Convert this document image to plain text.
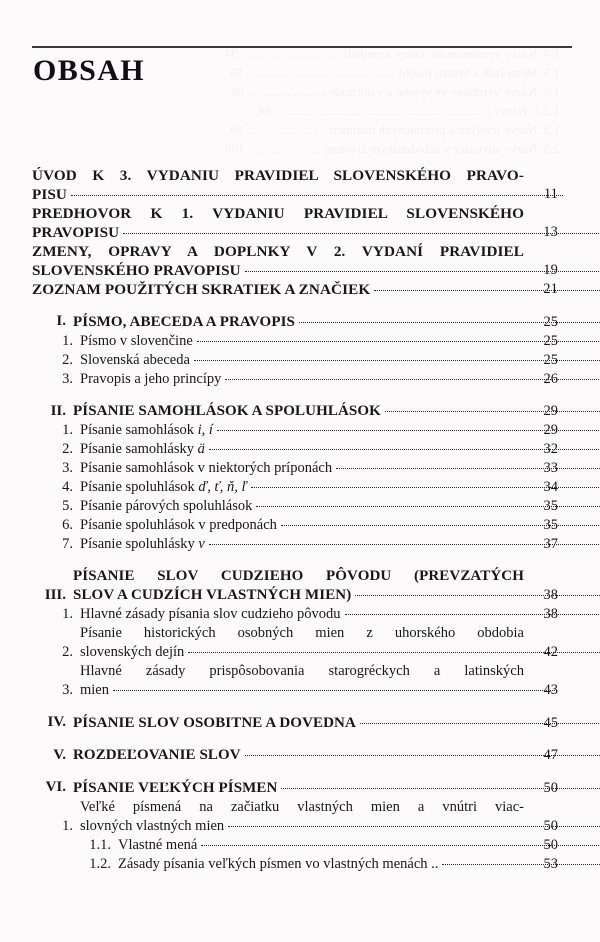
1.4. Názvy vyznamenaní, rádov a medailí .............................. 94
1.5. Mená ľudí a bytosti (osôb) ............................................. 95
1.6. Názvy výrobkov ve výrobe a v obchode ........................ 96
1.2.1. Názvy ................................................................. 98
1.3. Názvy trvalých a prechodných inštitúcií ........................ 99
2.3. Názvy súvisiace s náboženským životom ...................... 100
OBSAH
ÚVOD K 3. VYDANIU PRAVIDIEL SLOVENSKÉHO PRAVO-
PISU	11
PREDHOVOR K 1. VYDANIU PRAVIDIEL SLOVENSKÉHO
PRAVOPISU	13
ZMENY, OPRAVY A DOPLNKY V 2. VYDANÍ PRAVIDIEL
SLOVENSKÉHO PRAVOPISU	19
ZOZNAM POUŽITÝCH SKRATIEK A ZNAČIEK	21
I. PÍSMO, ABECEDA A PRAVOPIS	25
1. Písmo v slovenčine	25
2. Slovenská abeceda	25
3. Pravopis a jeho princípy	26
II. PÍSANIE SAMOHLÁSOK A SPOLUHLÁSOK	29
1. Písanie samohlások i, í	29
2. Písanie samohlásky ä	32
3. Písanie samohlások v niektorých príponách	33
4. Písanie spoluhlások ď, ť, ň, ľ	34
5. Písanie párových spoluhlások	35
6. Písanie spoluhlások v predponách	35
7. Písanie spoluhlásky v	37
III.
PÍSANIE SLOV CUDZIEHO PÔVODU (PREVZATÝCH
SLOV A CUDZÍCH VLASTNÝCH MIEN)	38
1. Hlavné zásady písania slov cudzieho pôvodu	38
2.
Písanie historických osobných mien z uhorského obdobia
slovenských dejín	42
3.
Hlavné zásady prispôsobovania starogréckych a latinských
mien	43
IV. PÍSANIE SLOV OSOBITNE A DOVEDNA	45
V. ROZDEĽOVANIE SLOV	47
VI. PÍSANIE VEĽKÝCH PÍSMEN	50
1.
Veľké písmená na začiatku vlastných mien a vnútri viac-
slovných vlastných mien	50
1.1. Vlastné mená	50
1.2. Zásady písania veľkých písmen vo vlastných menách ..	53
